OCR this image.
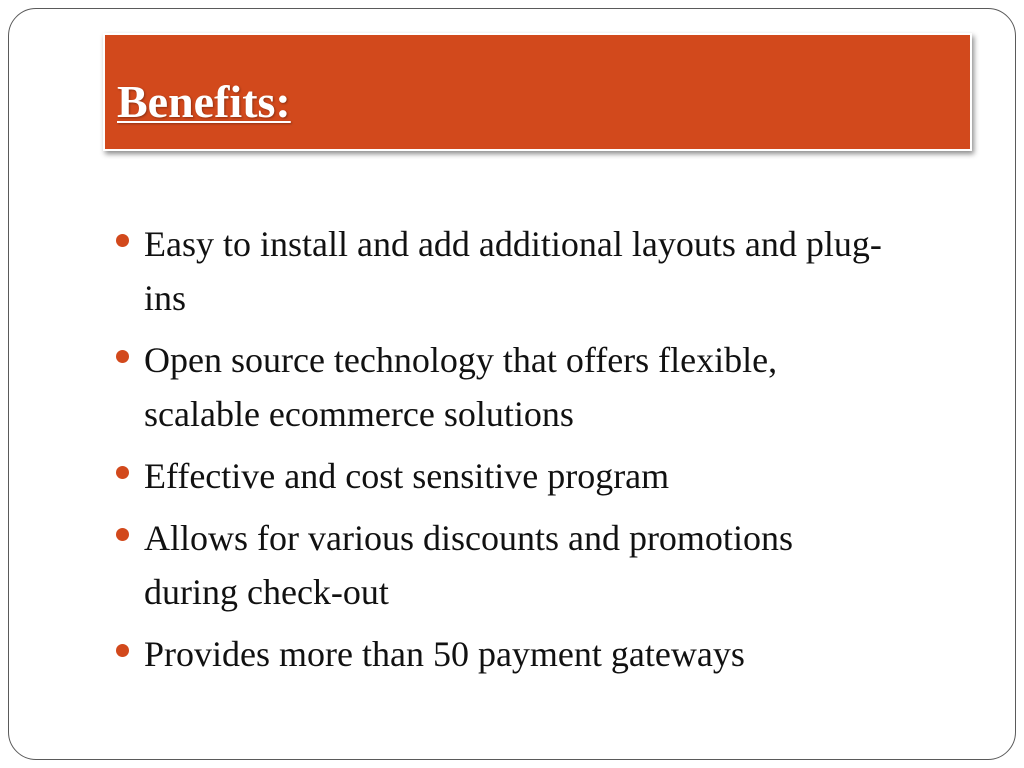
Benefits:
Easy to install and add additional layouts and plug-ins
Open source technology that offers flexible, scalable ecommerce solutions
Effective and cost sensitive program
Allows for various discounts and promotions during check-out
Provides more than 50 payment gateways
